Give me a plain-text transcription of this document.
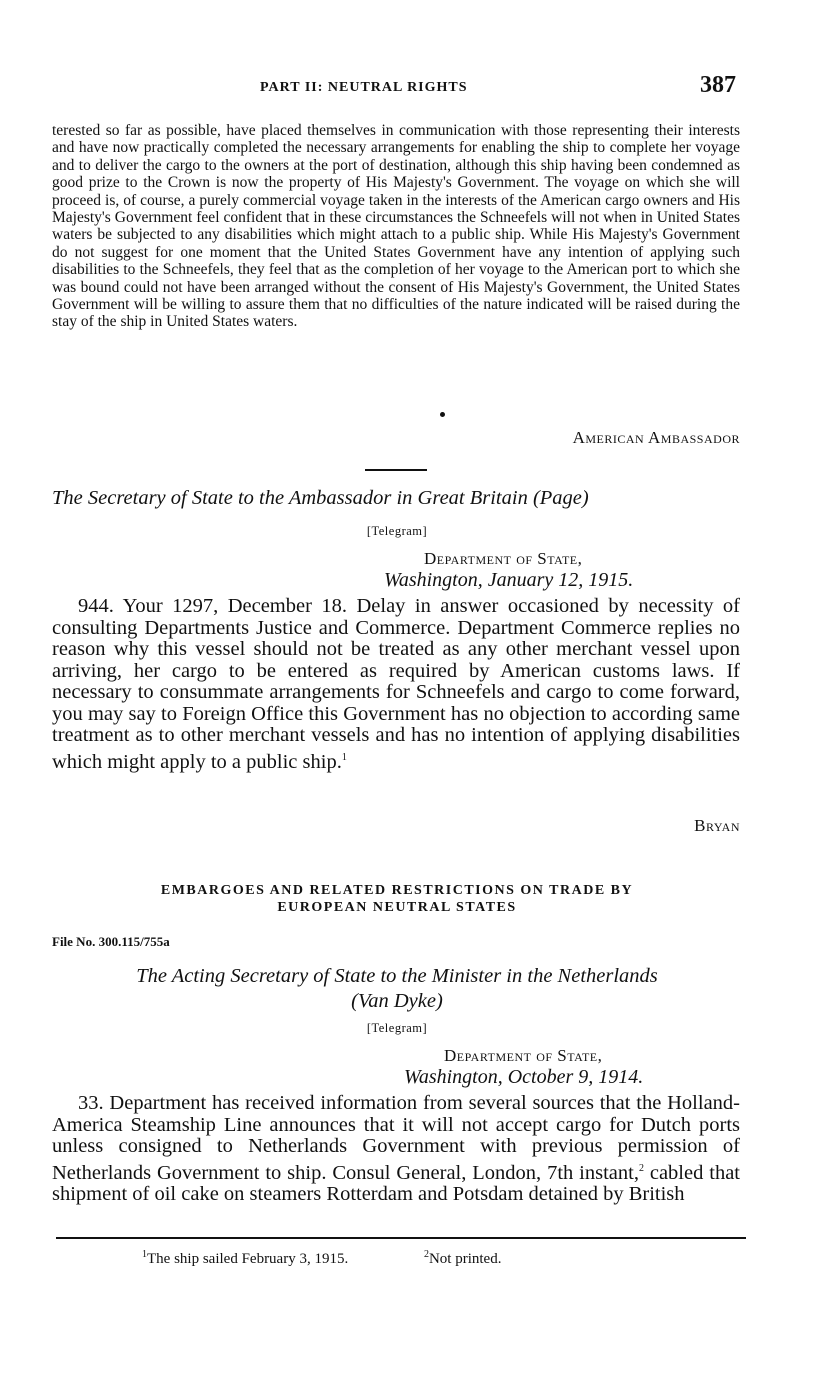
PART II: NEUTRAL RIGHTS	387

terested so far as possible, have placed themselves in communication with those representing their interests and have now practically completed the necessary arrangements for enabling the ship to complete her voyage and to deliver the cargo to the owners at the port of destination, although this ship having been condemned as good prize to the Crown is now the property of His Majesty's Government. The voyage on which she will proceed is, of course, a purely commercial voyage taken in the interests of the American cargo owners and His Majesty's Government feel confident that in these circumstances the Schneefels will not when in United States waters be subjected to any disabilities which might attach to a public ship. While His Majesty's Government do not suggest for one moment that the United States Government have any intention of applying such disabilities to the Schneefels, they feel that as the completion of her voyage to the American port to which she was bound could not have been arranged without the consent of His Majesty's Government, the United States Government will be willing to assure them that no difficulties of the nature indicated will be raised during the stay of the ship in United States waters.

American Ambassador
The Secretary of State to the Ambassador in Great Britain (Page)
[Telegram]
Department of State,
Washington, January 12, 1915.

944. Your 1297, December 18. Delay in answer occasioned by necessity of consulting Departments Justice and Commerce. Department Commerce replies no reason why this vessel should not be treated as any other merchant vessel upon arriving, her cargo to be entered as required by American customs laws. If necessary to consummate arrangements for Schneefels and cargo to come forward, you may say to Foreign Office this Government has no objection to according same treatment as to other merchant vessels and has no intention of applying disabilities which might apply to a public ship.$^1$

Bryan
EMBARGOES AND RELATED RESTRICTIONS ON TRADE BY
EUROPEAN NEUTRAL STATES
File No. 300.115/755a
The Acting Secretary of State to the Minister in the Netherlands
(Van Dyke)
[Telegram]
Department of State,
Washington, October 9, 1914.

33. Department has received information from several sources that the Holland-America Steamship Line announces that it will not accept cargo for Dutch ports unless consigned to Netherlands Government with previous permission of Netherlands Government to ship. Consul General, London, 7th instant,$^2$ cabled that shipment of oil cake on steamers Rotterdam and Potsdam detained by British

$^1$The ship sailed February 3, 1915.	$^2$Not printed.
